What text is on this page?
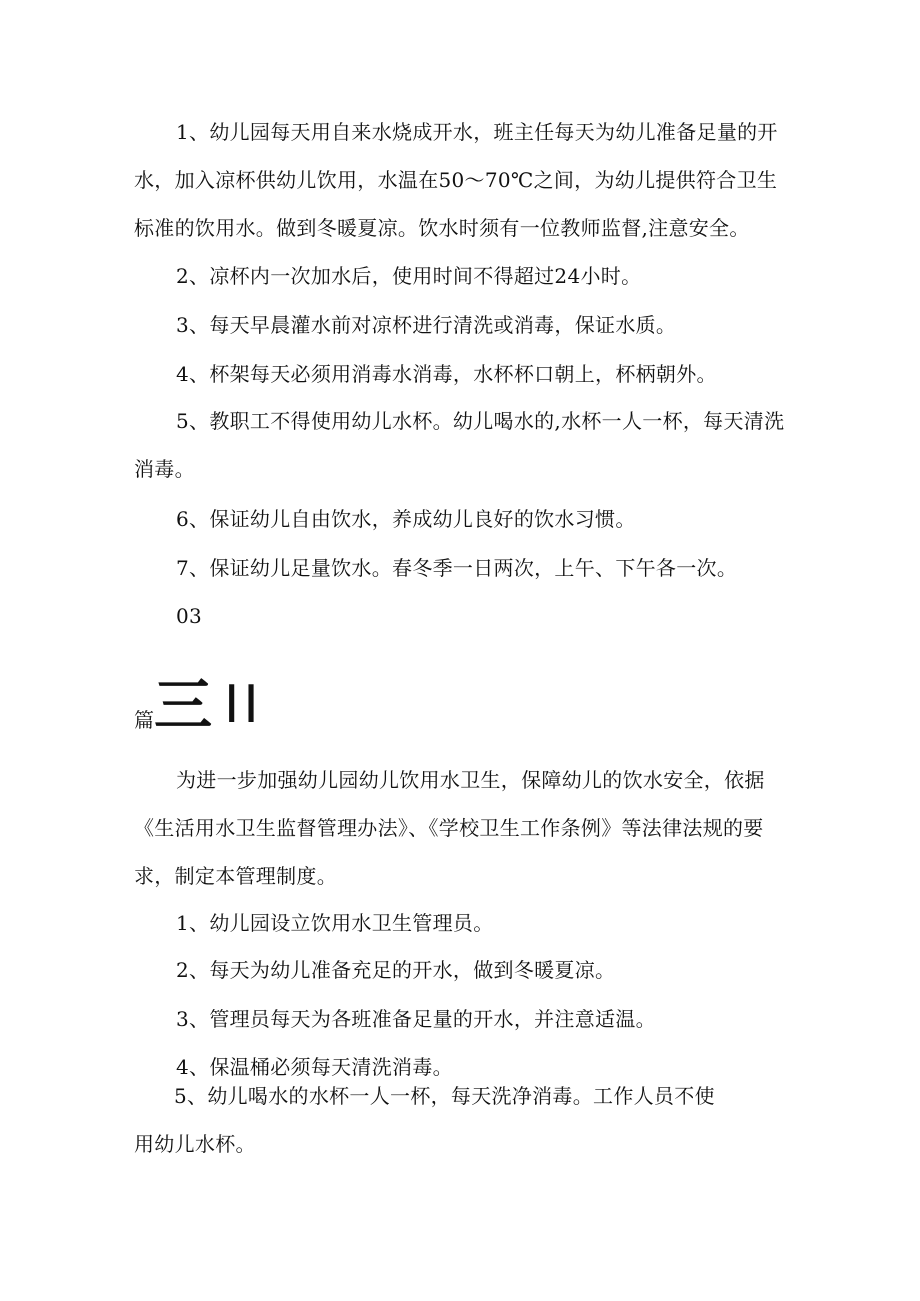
1、幼儿园每天用自来水烧成开水，班主任每天为幼儿准备足量的开水，加入凉杯供幼儿饮用，水温在50～70℃之间，为幼儿提供符合卫生标准的饮用水。做到冬暖夏凉。饮水时须有一位教师监督,注意安全。
2、凉杯内一次加水后，使用时间不得超过24小时。
3、每天早晨灌水前对凉杯进行清洗或消毒，保证水质。
4、杯架每天必须用消毒水消毒，水杯杯口朝上，杯柄朝外。
5、教职工不得使用幼儿水杯。幼儿喝水的,水杯一人一杯，每天清洗消毒。
6、保证幼儿自由饮水，养成幼儿良好的饮水习惯。
7、保证幼儿足量饮水。春冬季一日两次，上午、下午各一次。
03
篇 三 II
为进一步加强幼儿园幼儿饮用水卫生，保障幼儿的饮水安全，依据《生活用水卫生监督管理办法》、《学校卫生工作条例》等法律法规的要求，制定本管理制度。
1、幼儿园设立饮用水卫生管理员。
2、每天为幼儿准备充足的开水，做到冬暖夏凉。
3、管理员每天为各班准备足量的开水，并注意适温。
4、保温桶必须每天清洗消毒。
5、幼儿喝水的水杯一人一杯，每天洗净消毒。工作人员不使用幼儿水杯。
